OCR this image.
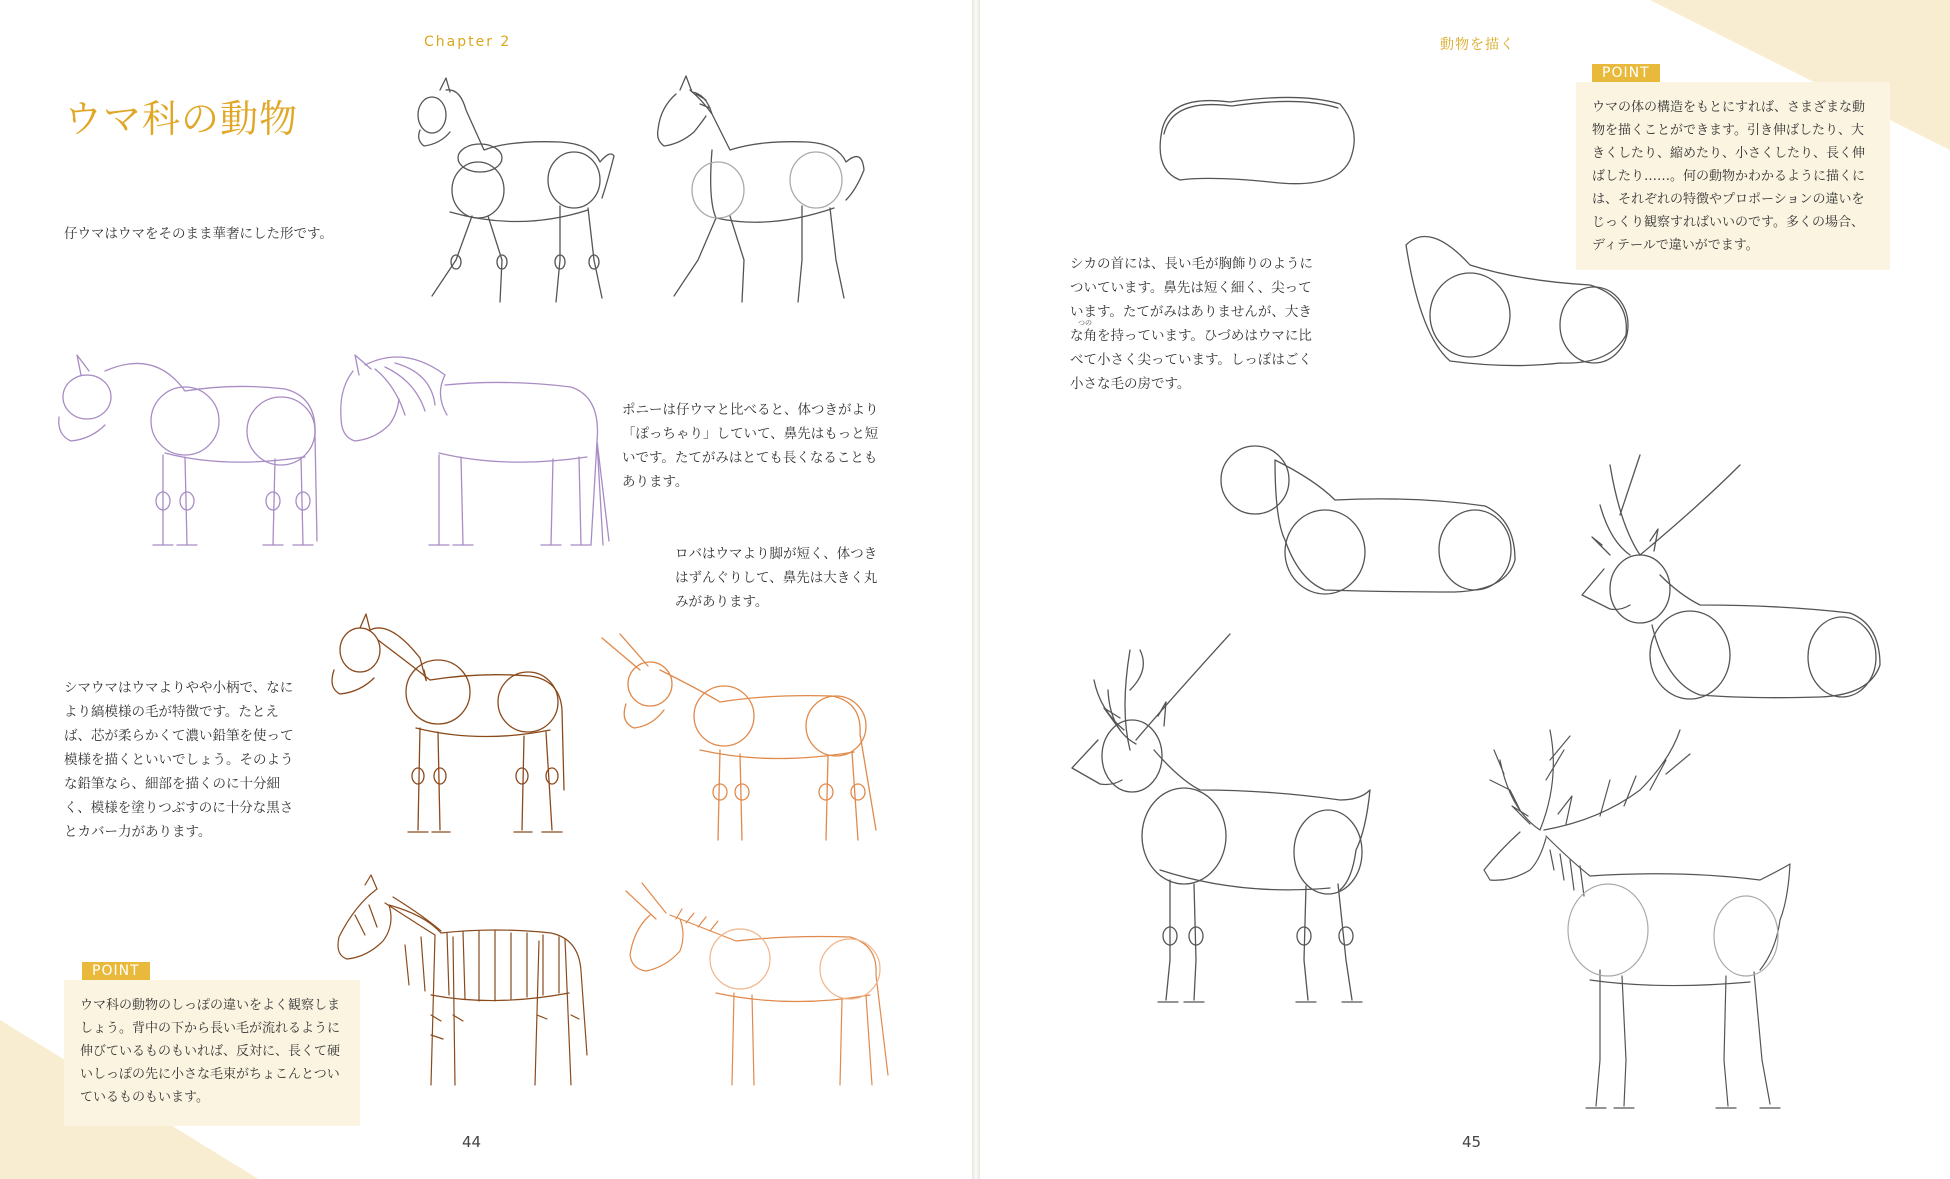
Chapter 2
ウマ科の動物

仔ウマはウマをそのまま華奢にした形です。

ポニーは仔ウマと比べると、体つきがより「ぽっちゃり」していて、鼻先はもっと短いです。たてがみはとても長くなることもあります。

ロバはウマより脚が短く、体つきはずんぐりして、鼻先は大きく丸みがあります。

シマウマはウマよりやや小柄で、なにより縞模様の毛が特徴です。たとえば、芯が柔らかくて濃い鉛筆を使って模様を描くといいでしょう。そのような鉛筆なら、細部を描くのに十分細く、模様を塗りつぶすのに十分な黒さとカバー力があります。

ウマ科の動物のしっぽの違いをよく観察しましょう。背中の下から長い毛が流れるように伸びているものもいれば、反対に、長くて硬いしっぽの先に小さな毛束がちょこんとついているものもいます。
POINT
44
動物を描く
ウマの体の構造をもとにすれば、さまざまな動物を描くことができます。引き伸ばしたり、大きくしたり、縮めたり、小さくしたり、長く伸ばしたり……。何の動物かわかるように描くには、それぞれの特徴やプロポーションの違いをじっくり観察すればいいのです。多くの場合、ディテールで違いがでます。
POINT

シカの首には、長い毛が胸飾りのようについています。鼻先は短く細く、尖っています。たてがみはありませんが、大きな角を持っています。ひづめはウマに比べて小さく尖っています。しっぽはごく小さな毛の房です。

つの
45
